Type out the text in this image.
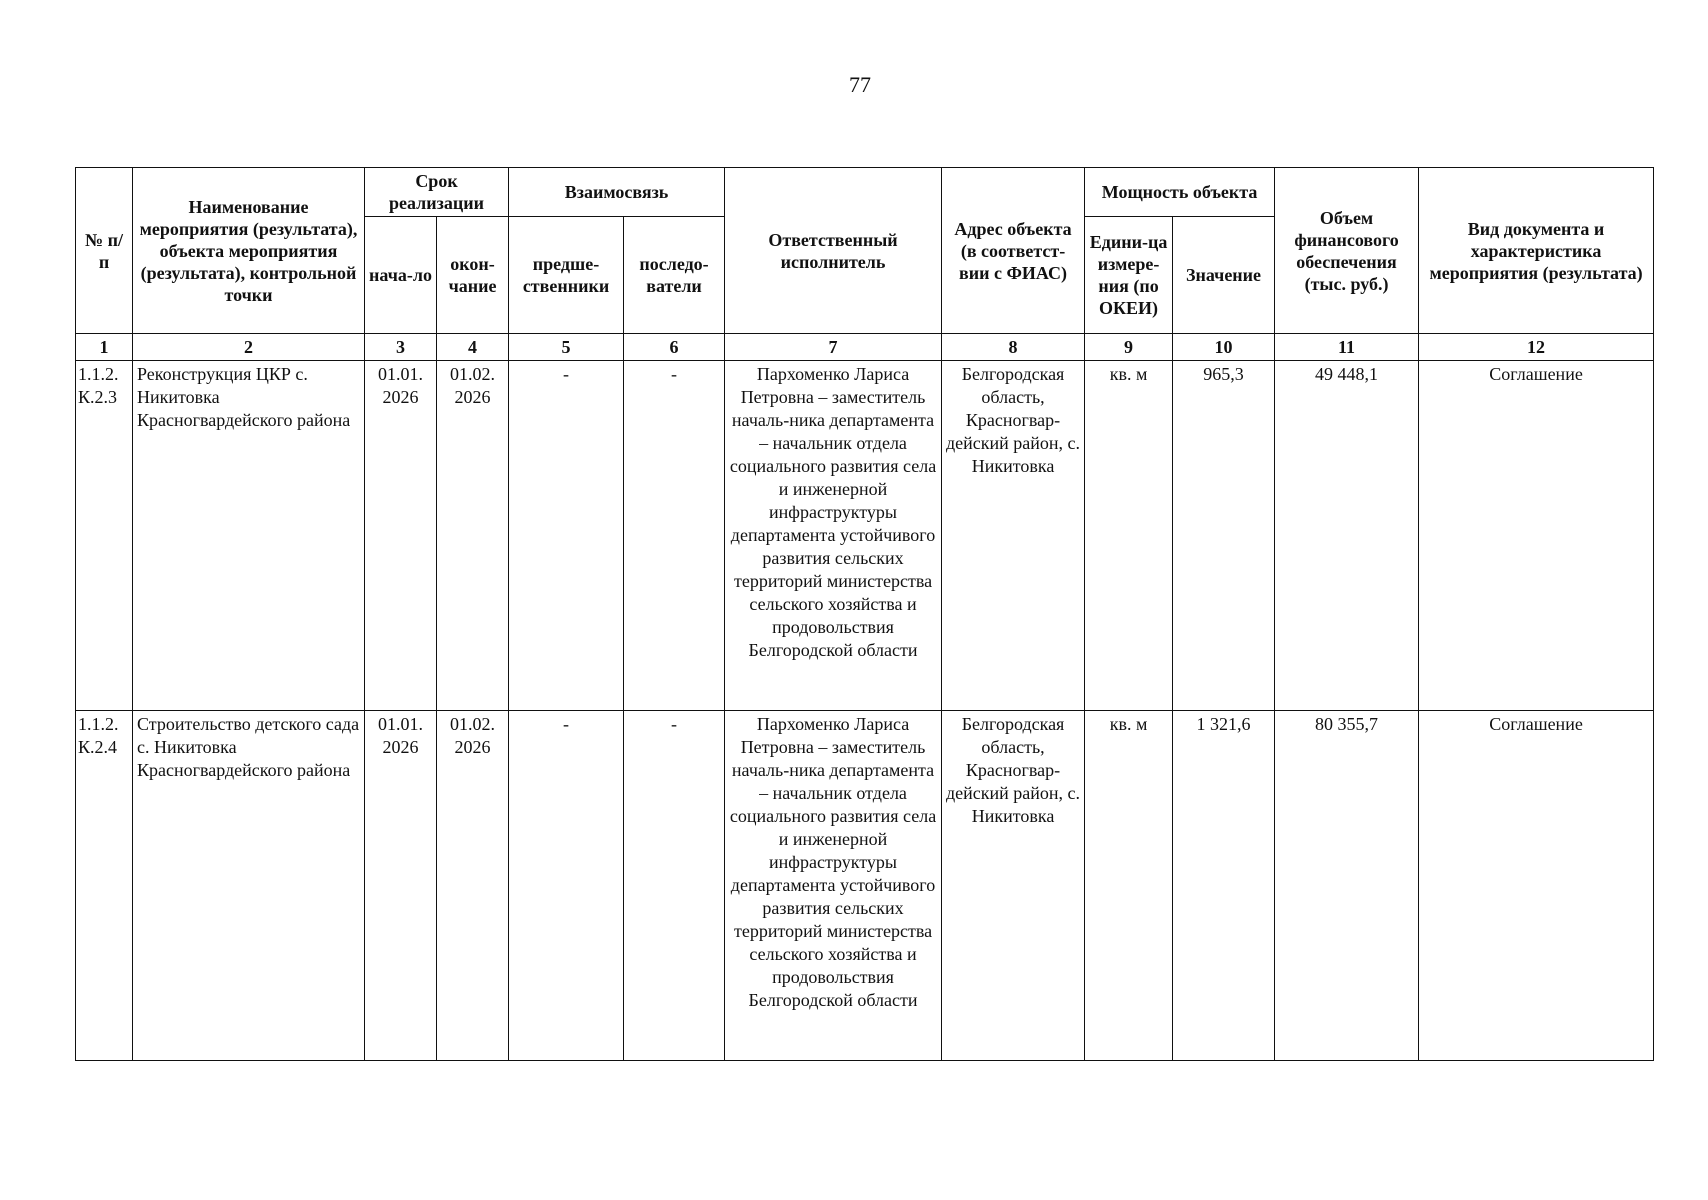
77
№ п/п	Наименование мероприятия (результата), объекта мероприятия (результата), контрольной точки	Срок реализации		Взаимосвязь		Ответственный исполнитель	Адрес объекта (в соответст-вии с ФИАС)	Мощность объекта		Объем финансового обеспечения (тыс. руб.)	Вид документа и характеристика мероприятия (результата)
		нача-ло	окон-чание	предше-ственники	последо-ватели			Едини-ца измере-ния (по ОКЕИ)	Значение		
1	2	3	4	5	6	7	8	9	10	11	12
1.1.2. К.2.3	Реконструкция ЦКР с. Никитовка Красногвардейского района	01.01. 2026	01.02. 2026	-	-	Пархоменко Лариса Петровна – заместитель началь-ника департамента – начальник отдела социального развития села и инженерной инфраструктуры департамента устойчивого развития сельских территорий министерства сельского хозяйства и продовольствия Белгородской области	Белгородская область, Красногвар-дейский район, с. Никитовка	кв. м	965,3	49 448,1	Соглашение
1.1.2. К.2.4	Строительство детского сада с. Никитовка Красногвардейского района	01.01. 2026	01.02. 2026	-	-	Пархоменко Лариса Петровна – заместитель началь-ника департамента – начальник отдела социального развития села и инженерной инфраструктуры департамента устойчивого развития сельских территорий министерства сельского хозяйства и продовольствия Белгородской области	Белгородская область, Красногвар-дейский район, с. Никитовка	кв. м	1 321,6	80 355,7	Соглашение
